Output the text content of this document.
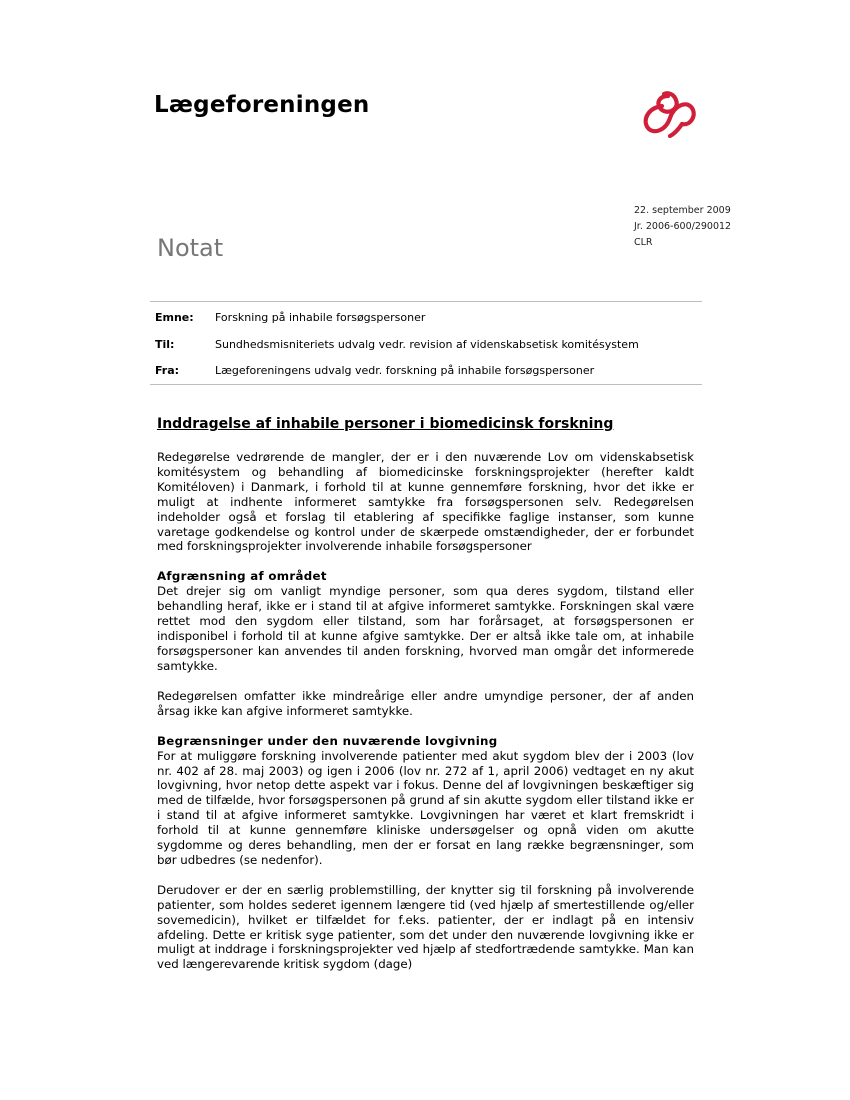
Lægeforeningen
Notat
22. september 2009
Jr. 2006-600/290012
CLR
Emne: Forskning på inhabile forsøgspersoner
Til:	Sundhedsmisniteriets udvalg vedr. revision af videnskabsetisk komitésystem
Fra:	Lægeforeningens udvalg vedr. forskning på inhabile forsøgspersoner
Inddragelse af inhabile personer i biomedicinsk forskning

Redegørelse vedrørende de mangler, der er i den nuværende Lov om videnskabsetisk komitésystem og behandling af biomedicinske forskningsprojekter (herefter kaldt Komitéloven) i Danmark, i forhold til at kunne gennemføre forskning, hvor det ikke er muligt at indhente informeret samtykke fra forsøgspersonen selv. Redegørelsen indeholder også et forslag til etablering af specifikke faglige instanser, som kunne varetage godkendelse og kontrol under de skærpede omstændigheder, der er forbundet med forskningsprojekter involverende inhabile forsøgspersoner

Afgrænsning af området

Det drejer sig om vanligt myndige personer, som qua deres sygdom, tilstand eller behandling heraf, ikke er i stand til at afgive informeret samtykke. Forskningen skal være rettet mod den sygdom eller tilstand, som har forårsaget, at forsøgspersonen er indisponibel i forhold til at kunne afgive samtykke. Der er altså ikke tale om, at inhabile forsøgspersoner kan anvendes til anden forskning, hvorved man omgår det informerede samtykke.

Redegørelsen omfatter ikke mindreårige eller andre umyndige personer, der af anden årsag ikke kan afgive informeret samtykke.

Begrænsninger under den nuværende lovgivning

For at muliggøre forskning involverende patienter med akut sygdom blev der i 2003 (lov nr. 402 af 28. maj 2003) og igen i 2006 (lov nr. 272 af 1, april 2006) vedtaget en ny akut lovgivning, hvor netop dette aspekt var i fokus. Denne del af lovgivningen beskæftiger sig med de tilfælde, hvor forsøgspersonen på grund af sin akutte sygdom eller tilstand ikke er i stand til at afgive informeret samtykke. Lovgivningen har været et klart fremskridt i forhold til at kunne gennemføre kliniske undersøgelser og opnå viden om akutte sygdomme og deres behandling, men der er forsat en lang række begrænsninger, som bør udbedres (se nedenfor).

Derudover er der en særlig problemstilling, der knytter sig til forskning på involverende patienter, som holdes sederet igennem længere tid (ved hjælp af smertestillende og/eller sovemedicin), hvilket er tilfældet for f.eks. patienter, der er indlagt på en intensiv afdeling. Dette er kritisk syge patienter, som det under den nuværende lovgivning ikke er muligt at inddrage i forskningsprojekter ved hjælp af stedfortrædende samtykke. Man kan ved længerevarende kritisk sygdom (dage)
